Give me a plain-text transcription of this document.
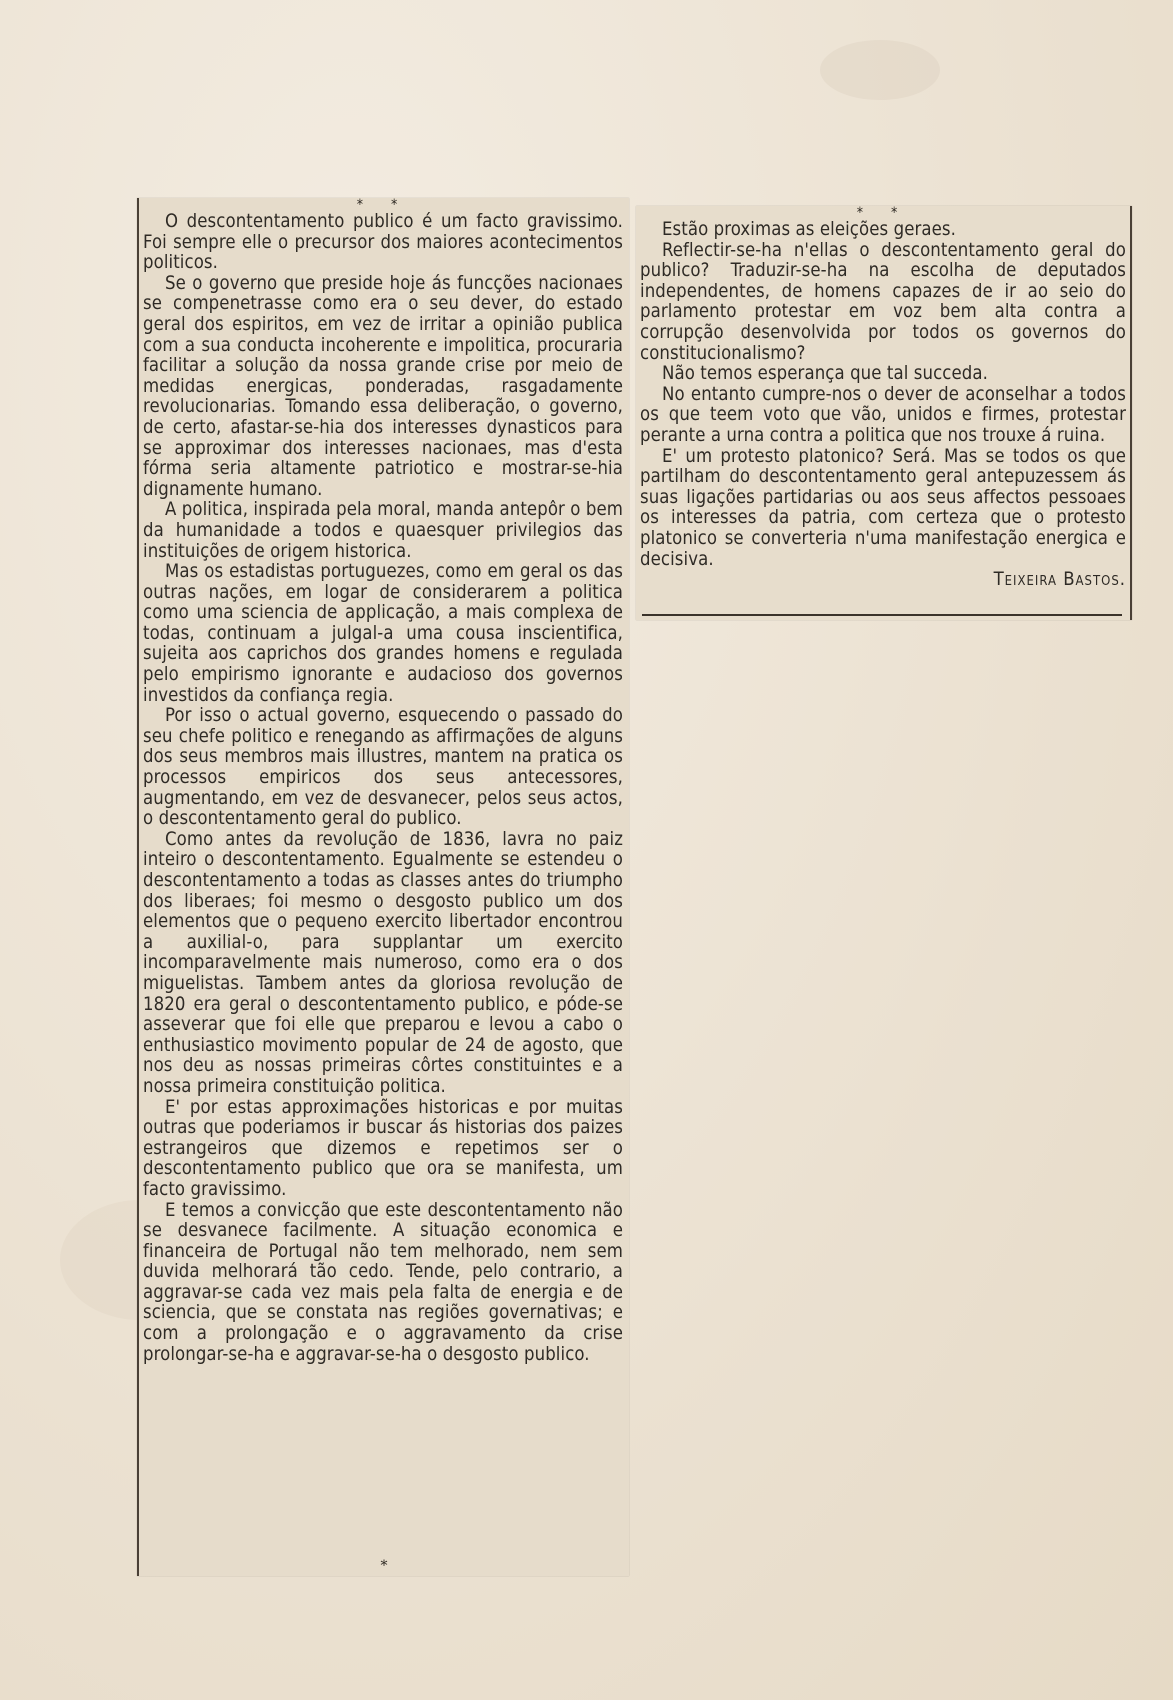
* *

O descontentamento publico é um facto gravissimo. Foi sempre elle o precursor dos maiores acontecimentos politicos.

Se o governo que preside hoje ás funcções nacionaes se compenetrasse como era o seu dever, do estado geral dos espiritos, em vez de irritar a opinião publica com a sua conducta incoherente e impolitica, procuraria facilitar a solução da nossa grande crise por meio de medidas energicas, ponderadas, rasgadamente revolucionarias. Tomando essa deliberação, o governo, de certo, afastar-se-hia dos interesses dynasticos para se approximar dos interesses nacionaes, mas d'esta fórma seria altamente patriotico e mostrar-se-hia dignamente humano.

A politica, inspirada pela moral, manda antepôr o bem da humanidade a todos e quaesquer privilegios das instituições de origem historica.

Mas os estadistas portuguezes, como em geral os das outras nações, em logar de considerarem a politica como uma sciencia de applicação, a mais complexa de todas, continuam a julgal-a uma cousa inscientifica, sujeita aos caprichos dos grandes homens e regulada pelo empirismo ignorante e audacioso dos governos investidos da confiança regia.

Por isso o actual governo, esquecendo o passado do seu chefe politico e renegando as affirmações de alguns dos seus membros mais illustres, mantem na pratica os processos empiricos dos seus antecessores, augmentando, em vez de desvanecer, pelos seus actos, o descontentamento geral do publico.

Como antes da revolução de 1836, lavra no paiz inteiro o descontentamento. Egualmente se estendeu o descontentamento a todas as classes antes do triumpho dos liberaes; foi mesmo o desgosto publico um dos elementos que o pequeno exercito libertador encontrou a auxilial-o, para supplantar um exercito incomparavelmente mais numeroso, como era o dos miguelistas. Tambem antes da gloriosa revolução de 1820 era geral o descontentamento publico, e póde-se asseverar que foi elle que preparou e levou a cabo o enthusiastico movimento popular de 24 de agosto, que nos deu as nossas primeiras côrtes constituintes e a nossa primeira constituição politica.

E' por estas approximações historicas e por muitas outras que poderiamos ir buscar ás historias dos paizes estrangeiros que dizemos e repetimos ser o descontentamento publico que ora se manifesta, um facto gravissimo.

E temos a convicção que este descontentamento não se desvanece facilmente. A situação economica e financeira de Portugal não tem melhorado, nem sem duvida melhorará tão cedo. Tende, pelo contrario, a aggravar-se cada vez mais pela falta de energia e de sciencia, que se constata nas regiões governativas; e com a prolongação e o aggravamento da crise prolongar-se-ha e aggravar-se-ha o desgosto publico.

*
* *

Estão proximas as eleições geraes.

Reflectir-se-ha n'ellas o descontentamento geral do publico? Traduzir-se-ha na escolha de deputados independentes, de homens capazes de ir ao seio do parlamento protestar em voz bem alta contra a corrupção desenvolvida por todos os governos do constitucionalismo?

Não temos esperança que tal succeda.

No entanto cumpre-nos o dever de aconselhar a todos os que teem voto que vão, unidos e firmes, protestar perante a urna contra a politica que nos trouxe á ruina.

E' um protesto platonico? Será. Mas se todos os que partilham do descontentamento geral antepuzessem ás suas ligações partidarias ou aos seus affectos pessoaes os interesses da patria, com certeza que o protesto platonico se converteria n'uma manifestação energica e decisiva.

Teixeira Bastos.
